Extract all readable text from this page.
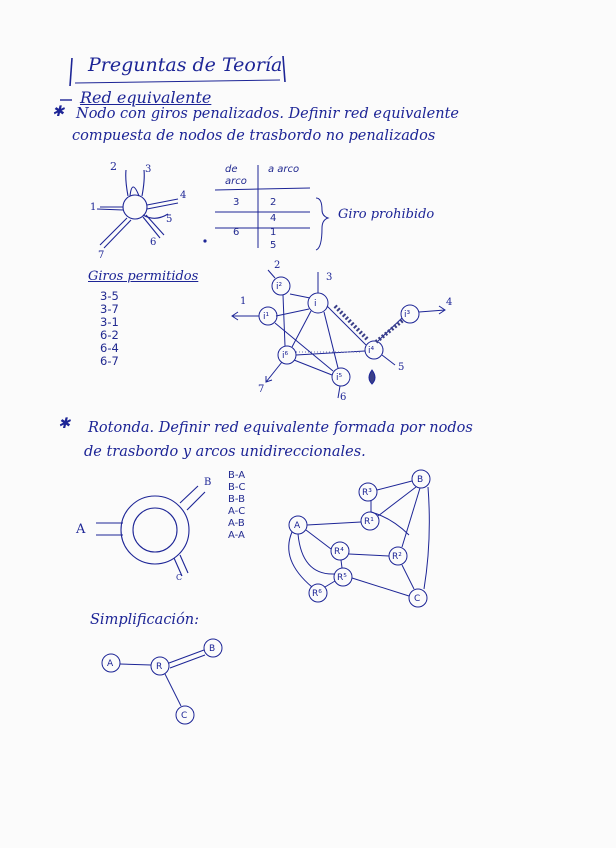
2	3
4
1
7
6
5
i
i²
i¹
i⁶
i⁵
i⁴
i³
3
2
1	4
7
6
5
A
B
C
B
R³
A	R¹
R⁴	R²
R⁵
R⁶	C
A	R
B
C
Preguntas de Teoría
Red equivalente
✱ Nodo con giros penalizados. Definir red equivalente
compuesta de nodos de trasbordo no penalizados
de arco
a arco
3	2
4
6	1
5
Giro prohibido
Giros permitidos
3-5
3-7
3-1
6-2
6-4
6-7
✱ Rotonda. Definir red equivalente formada por nodos
de trasbordo y arcos unidireccionales.
B-A
B-C
B-B
A-C
A-B
A-A
Simplificación:
